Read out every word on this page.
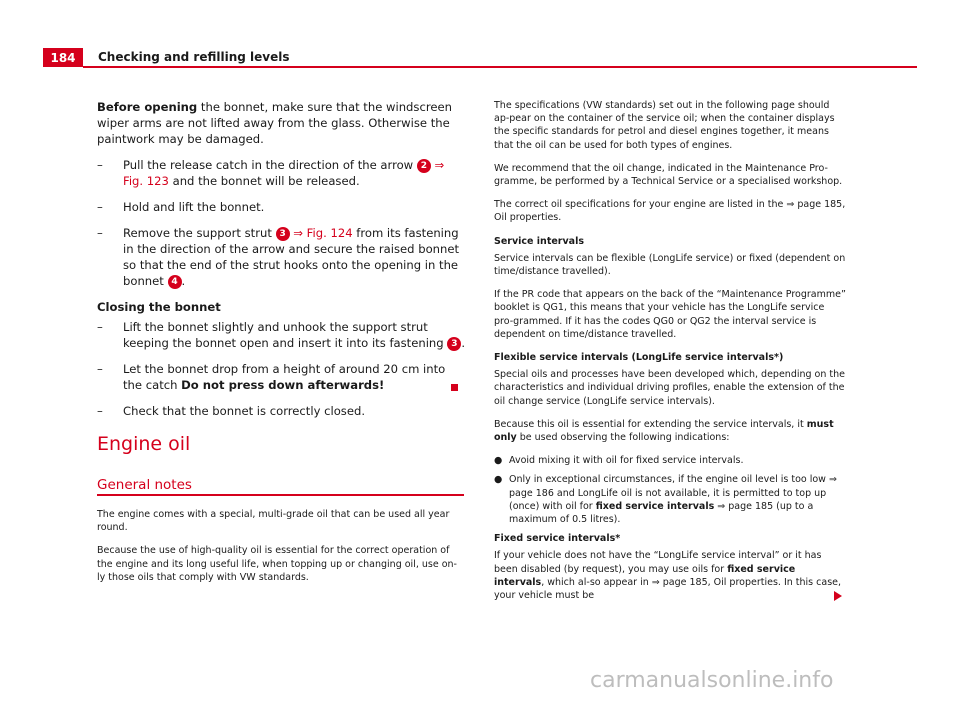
184	Checking and refilling levels

Before opening the bonnet, make sure that the windscreen wiper arms are not lifted away from the glass. Otherwise the paintwork may be damaged.

– Pull the release catch in the direction of the arrow 2 ⇒ Fig. 123 and the bonnet will be released.
– Hold and lift the bonnet.
– Remove the support strut 3 ⇒ Fig. 124 from its fastening in the direction of the arrow and secure the raised bonnet so that the end of the strut hooks onto the opening in the bonnet 4 .
Closing the bonnet
– Lift the bonnet slightly and unhook the support strut keeping the bonnet open and insert it into its fastening 3 .
– Let the bonnet drop from a height of around 20 cm into the catch Do not press down afterwards!
– Check that the bonnet is correctly closed.
Engine oil
General notes

The engine comes with a special, multi-grade oil that can be used all year round.

Because the use of high-quality oil is essential for the correct operation of the engine and its long useful life, when topping up or changing oil, use on-ly those oils that comply with VW standards.

The specifications (VW standards) set out in the following page should ap-pear on the container of the service oil; when the container displays the specific standards for petrol and diesel engines together, it means that the oil can be used for both types of engines.

We recommend that the oil change, indicated in the Maintenance Pro-gramme, be performed by a Technical Service or a specialised workshop.

The correct oil specifications for your engine are listed in the ⇒ page 185, Oil properties.

Service intervals

Service intervals can be flexible (LongLife service) or fixed (dependent on time/distance travelled).

If the PR code that appears on the back of the “Maintenance Programme” booklet is QG1, this means that your vehicle has the LongLife service pro-grammed. If it has the codes QG0 or QG2 the interval service is dependent on time/distance travelled.

Flexible service intervals (LongLife service intervals*)

Special oils and processes have been developed which, depending on the characteristics and individual driving profiles, enable the extension of the oil change service (LongLife service intervals).

Because this oil is essential for extending the service intervals, it must only be used observing the following indications:

● Avoid mixing it with oil for fixed service intervals.
● Only in exceptional circumstances, if the engine oil level is too low ⇒ page 186 and LongLife oil is not available, it is permitted to top up (once) with oil for fixed service intervals ⇒ page 185 (up to a maximum of 0.5 litres).
Fixed service intervals*

If your vehicle does not have the “LongLife service interval” or it has been disabled (by request), you may use oils for fixed service intervals, which al-so appear in ⇒ page 185, Oil properties. In this case, your vehicle must be

carmanualsonline.info
